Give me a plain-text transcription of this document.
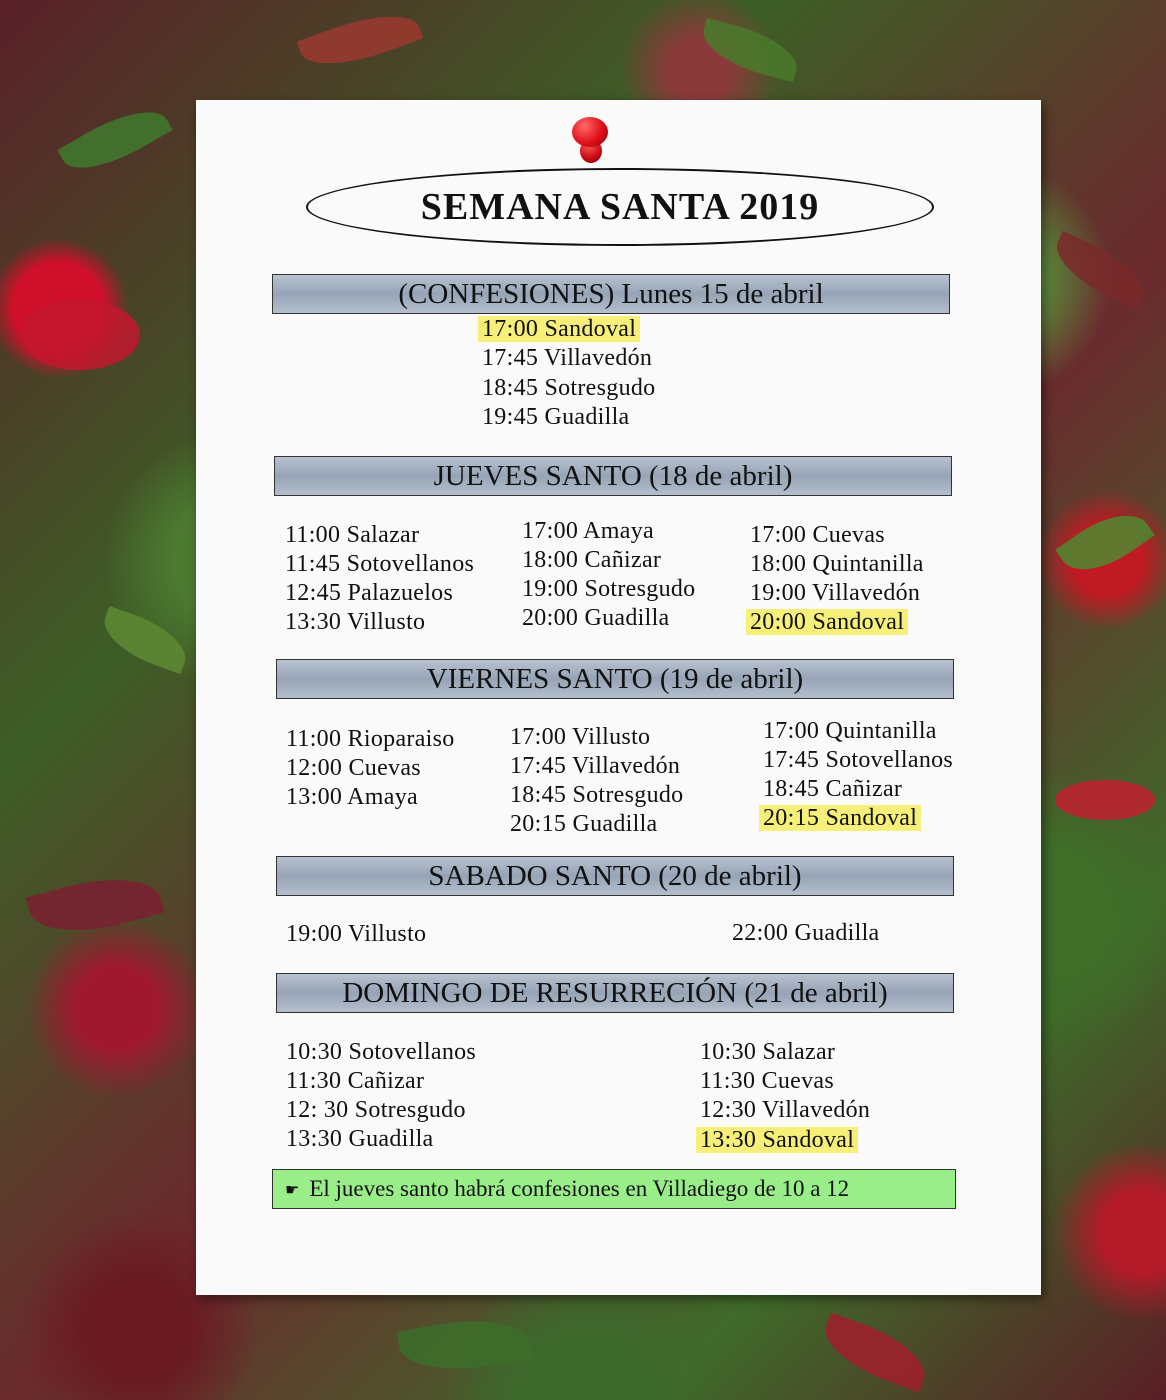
SEMANA SANTA 2019
(CONFESIONES) Lunes 15 de abril
17:00 Sandoval
17:45 Villavedón
18:45 Sotresgudo
19:45 Guadilla
JUEVES SANTO (18 de abril)
11:00 Salazar
11:45 Sotovellanos
12:45 Palazuelos
13:30 Villusto
17:00 Amaya
18:00 Cañizar
19:00 Sotresgudo
20:00 Guadilla
17:00 Cuevas
18:00 Quintanilla
19:00 Villavedón
20:00 Sandoval
VIERNES SANTO (19 de abril)
11:00 Rioparaiso
12:00 Cuevas
13:00 Amaya
17:00 Villusto
17:45 Villavedón
18:45 Sotresgudo
20:15 Guadilla
17:00 Quintanilla
17:45 Sotovellanos
18:45 Cañizar
20:15 Sandoval
SABADO SANTO (20 de abril)
19:00 Villusto	22:00 Guadilla
DOMINGO DE RESURRECIÓN (21 de abril)
10:30 Sotovellanos
11:30 Cañizar
12: 30 Sotresgudo
13:30 Guadilla
10:30 Salazar
11:30 Cuevas
12:30 Villavedón
13:30 Sandoval
☛ El jueves santo habrá confesiones en Villadiego de 10 a 12
